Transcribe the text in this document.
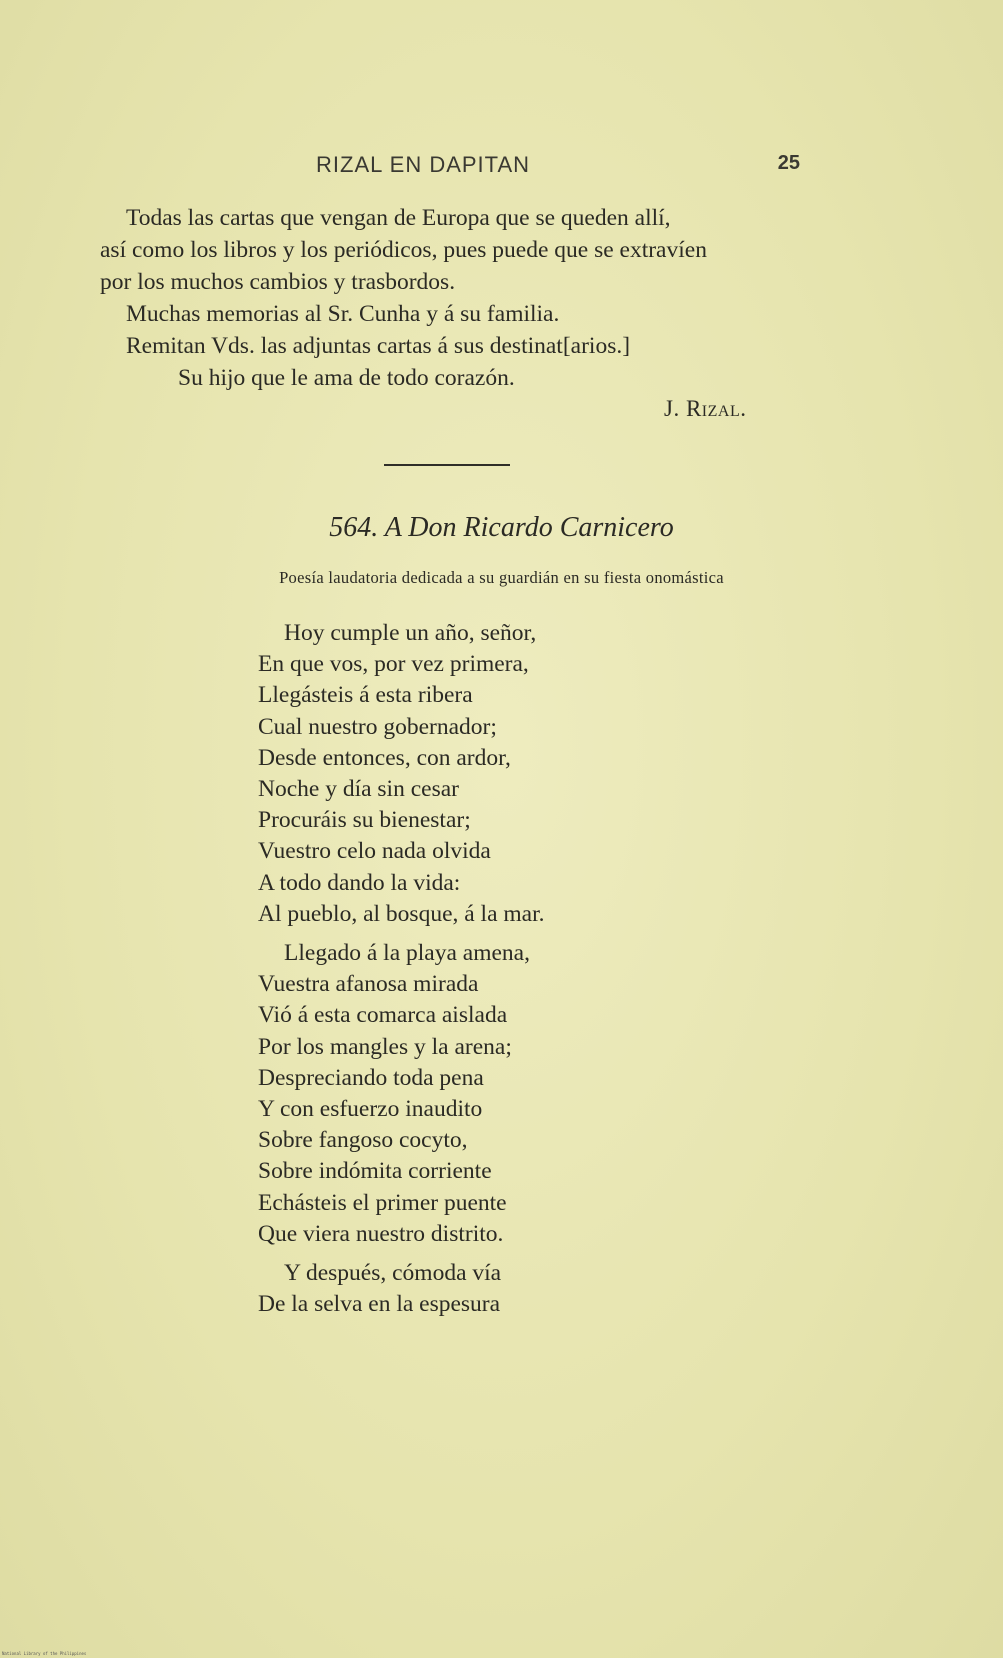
RIZAL EN DAPITAN	25

Todas las cartas que vengan de Europa que se queden allí,

así como los libros y los periódicos, pues puede que se extravíen

por los muchos cambios y trasbordos.

Muchas memorias al Sr. Cunha y á su familia.

Remitan Vds. las adjuntas cartas á sus destinat[arios.]

Su hijo que le ama de todo corazón.

J. Rizal.
564. A Don Ricardo Carnicero
Poesía laudatoria dedicada a su guardián en su fiesta onomástica
Hoy cumple un año, señor,
En que vos, por vez primera,
Llegásteis á esta ribera
Cual nuestro gobernador;
Desde entonces, con ardor,
Noche y día sin cesar
Procuráis su bienestar;
Vuestro celo nada olvida
A todo dando la vida:
Al pueblo, al bosque, á la mar.
Llegado á la playa amena,
Vuestra afanosa mirada
Vió á esta comarca aislada
Por los mangles y la arena;
Despreciando toda pena
Y con esfuerzo inaudito
Sobre fangoso cocyto,
Sobre indómita corriente
Echásteis el primer puente
Que viera nuestro distrito.
Y después, cómoda vía
De la selva en la espesura
National Library of the Philippines
